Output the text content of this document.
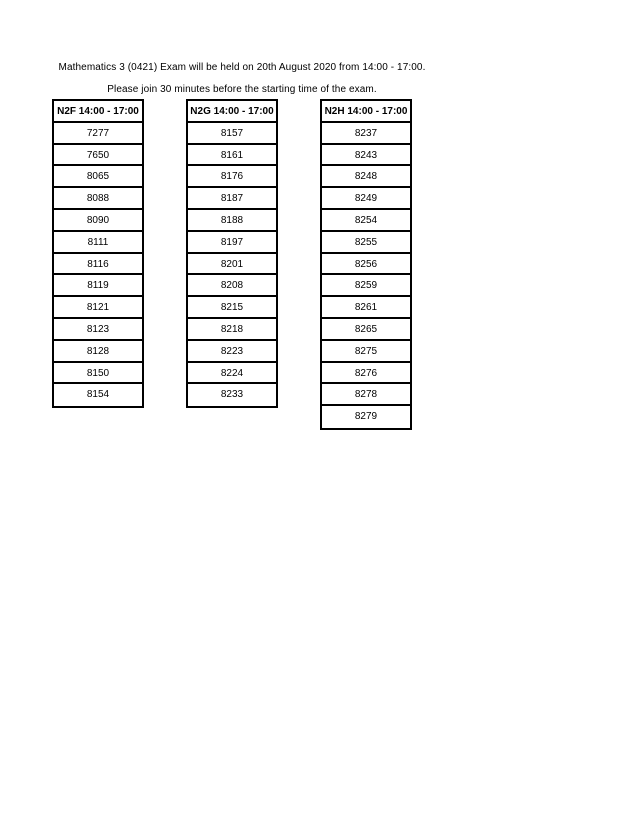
Mathematics 3 (0421) Exam will be held on 20th August 2020 from 14:00 - 17:00.
Please join 30 minutes before the starting time of the exam.
N2F 14:00 - 17:00
7277
7650
8065
8088
8090
8111
8116
8119
8121
8123
8128
8150
8154
N2G 14:00 - 17:00
8157
8161
8176
8187
8188
8197
8201
8208
8215
8218
8223
8224
8233
N2H 14:00 - 17:00
8237
8243
8248
8249
8254
8255
8256
8259
8261
8265
8275
8276
8278
8279
